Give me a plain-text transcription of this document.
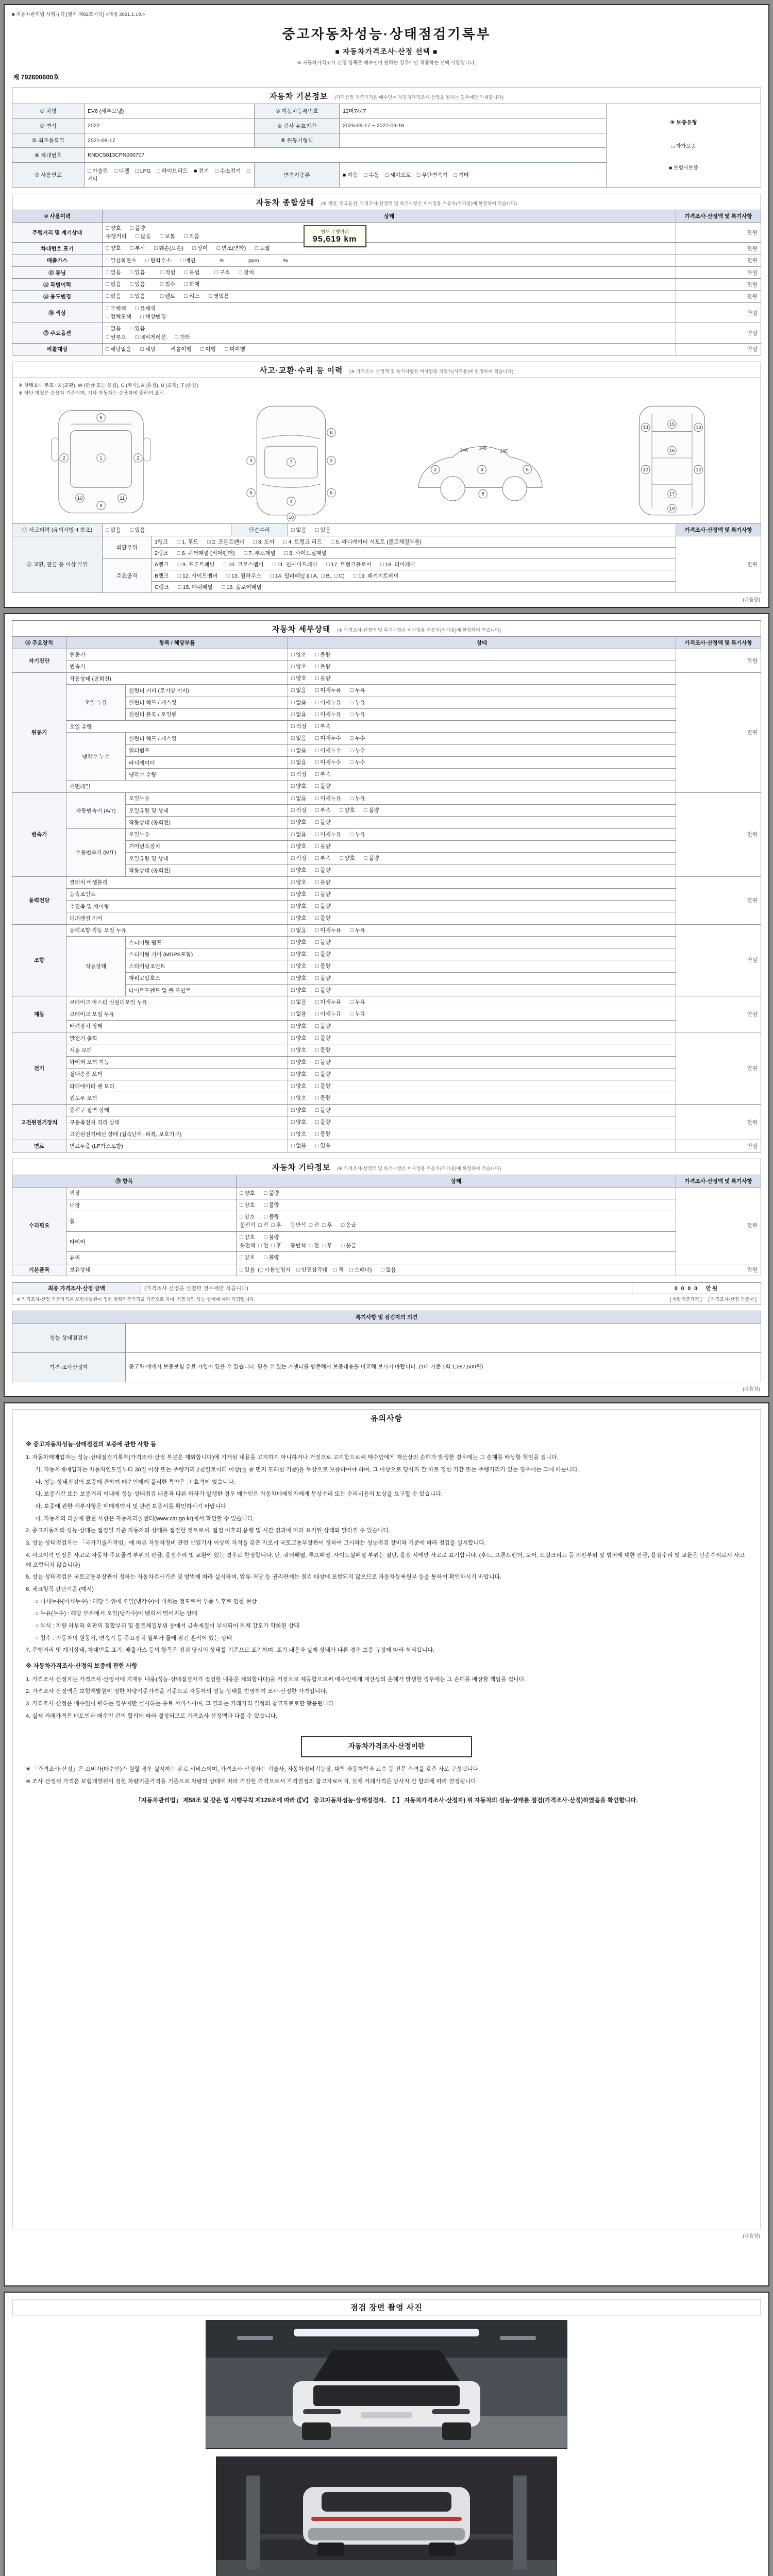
■ 자동차관리법 시행규칙 [별지 제82호서식] <개정 2021.1.19.>
중고자동차성능·상태점검기록부
■ 자동차가격조사·산정 선택 ■
※ 자동차가격조사·산정 항목은 매수인이 원하는 경우에만 적용하는 선택 사항입니다.
제 792600600호
자동차 기본정보 (가격산정 기준가격은 매수인이 자동차가격조사·산정을 원하는 경우에만 기재합니다)
① 차명	EV6 (세부모델)	② 자동차등록번호	12머7447	⑨ 보증유형

□ 자가보증

■ 보험사보증

③ 연식	2022	④ 검사 유효기간	2025-09-17 ~ 2027-09-16	
⑤ 최초등록일	2021-09-17	⑧ 원동기형식		
⑥ 차대번호	KNDC5813CPN000707			
⑦ 사용연료	□ 가솔린    □ 디젤    □ LPG    □ 하이브리드    ■ 전기    □ 수소전기    □ 기타	변속기종류	■ 자동    □ 수동    □ 세미오토    □ 무단변속기    □ 기타	
자동차 종합상태 (※ 색상, 주요옵션, 가격조사·산정액 및 특기사항은 비사업용 자동차(자가용)에 한정하여 적습니다)
⑩ 사용이력	상태	가격조사·산정액 및 특기사항
주행거리 및 계기상태	□ 양호      □ 불량
현재 주행거리
95,619 km
주행거리      □ 많음      □ 보통      □ 적음	만원
차대번호 표기	□ 양호      □ 부식      □ 훼손(오손)      □ 상이      □ 변조(변타)      □ 도말	만원
배출가스	□ 일산화탄소      □ 탄화수소      □ 매연                %                ppm                %	만원
⑪ 튜닝	□ 없음      □ 있음          □ 적법      □ 불법          □ 구조      □ 장치	만원
⑫ 특별이력	□ 없음      □ 있음          □ 침수      □ 화재	만원
⑬ 용도변경	□ 없음      □ 있음          □ 렌트      □ 리스      □ 영업용	만원
⑭ 색상	□ 무채색      □ 유채색
□ 전체도색      □ 색상변경	만원
⑮ 주요옵션	□ 없음      □ 있음
□ 썬루프      □ 네비게이션      □ 기타	만원
리콜대상	□ 해당없음      □ 해당          리콜이행      □ 이행      □ 미이행	만원
사고·교환·수리 등 이력 (※ 가격조사·산정액 및 특기사항은 비사업용 자동차(자가용)에 한정하여 적습니다)
※ 상태표시 부호 : X (교환), W (판금 또는 용접), C (부식), A (흠집), U (요철), T (손상)
※ 하단 명칭은 승용차 기준이며, 기타 자동차는 승용차에 준하여 표시
5
1
2	2
10	11
9
7
3	3
6	6
8
4
18
14A	14B
14C
3
2	6
8
15
16
12	12
13	13
17
19
⑯ 사고이력 (유의사항 4 참조)	□ 없음      □ 있음	단순수리	□ 없음      □ 있음	가격조사·산정액 및 특기사항
⑰ 교환, 판금 등 이상 부위	외판부위	1랭크      □ 1. 후드      □ 2. 프론트펜더      □ 3. 도어      □ 4. 트렁크 리드      □ 5. 라디에이터 서포트 (볼트체결부품)	만원
		2랭크      □ 6. 쿼터패널 (리어펜더)      □ 7. 루프패널      □ 8. 사이드실패널	
	주요골격	A랭크      □ 9. 프론트패널      □ 10. 크로스멤버      □ 11. 인사이드패널      □ 17. 트렁크플로어      □ 18. 리어패널	
		B랭크      □ 12. 사이드멤버      □ 13. 휠하우스      □ 14. 필러패널 (□ A,  □ B,  □ C)      □ 19. 패키지트레이	
		C랭크      □ 15. 대쉬패널      □ 16. 플로어패널	
(다음장)
자동차 세부상태 (※ 가격조사·산정액 및 특기사항은 비사업용 자동차(자가용)에 한정하여 적습니다)
⑱ 주요장치	항목 / 해당부품		상태	가격조사·산정액 및 특기사항
자기진단	원동기		□ 양호      □ 불량	만원
	변속기		□ 양호      □ 불량	

원동기	작동상태 (공회전)		□ 양호      □ 불량	만원
	오일 누유	실린더 커버 (로커암 커버)	□ 없음      □ 미세누유      □ 누유	

		실린더 헤드 / 개스킷	□ 없음      □ 미세누유      □ 누유	

		실린더 블록 / 오일팬	□ 없음      □ 미세누유      □ 누유	

	오일 유량		□ 적정      □ 부족	

	냉각수 누수	실린더 헤드 / 개스킷	□ 없음      □ 미세누수      □ 누수	

		워터펌프	□ 없음      □ 미세누수      □ 누수	

		라디에이터	□ 없음      □ 미세누수      □ 누수	

		냉각수 수량	□ 적정      □ 부족	

	커먼레일		□ 양호      □ 불량	

변속기	자동변속기 (A/T)	오일누유	□ 없음      □ 미세누유      □ 누유	만원
		오일유량 및 상태	□ 적정      □ 부족      □ 양호      □ 불량	

		작동상태 (공회전)	□ 양호      □ 불량	

	수동변속기 (M/T)	오일누유	□ 없음      □ 미세누유      □ 누유	

		기어변속장치	□ 양호      □ 불량	

		오일유량 및 상태	□ 적정      □ 부족      □ 양호      □ 불량	

		작동상태 (공회전)	□ 양호      □ 불량	

동력전달	클러치 어셈블리		□ 양호      □ 불량	만원
	등속조인트		□ 양호      □ 불량	

	추진축 및 베어링		□ 양호      □ 불량	

	디퍼렌셜 기어		□ 양호      □ 불량	

조향	동력조향 작동 오일 누유		□ 없음      □ 미세누유      □ 누유	만원
	작동상태	스티어링 펌프	□ 양호      □ 불량	

		스티어링 기어 (MDPS포함)	□ 양호      □ 불량	

		스티어링조인트	□ 양호      □ 불량	

		파워고압호스	□ 양호      □ 불량	

		타이로드엔드 및 볼 조인트	□ 양호      □ 불량	

제동	브레이크 마스터 실린더오일 누유		□ 없음      □ 미세누유      □ 누유	만원
	브레이크 오일 누유		□ 없음      □ 미세누유      □ 누유	

	배력장치 상태		□ 양호      □ 불량	

전기	발전기 출력		□ 양호      □ 불량	만원
	시동 모터		□ 양호      □ 불량	

	와이퍼 모터 기능		□ 양호      □ 불량	

	실내송풍 모터		□ 양호      □ 불량	

	라디에이터 팬 모터		□ 양호      □ 불량	

	윈도우 모터		□ 양호      □ 불량	

고전원전기장치	충전구 절연 상태		□ 양호      □ 불량	만원
	구동축전지 격리 상태		□ 양호      □ 불량	

	고전원전기배선 상태 (접속단자, 피복, 보호기구)		□ 양호      □ 불량	

연료	연료누출 (LP가스포함)		□ 없음      □ 있음	만원
자동차 기타정보 (※ 가격조사·산정액 및 특기사항은 비사업용 자동차(자가용)에 한정하여 적습니다)
⑲ 항목		상태	가격조사·산정액 및 특기사항
수리필요	외장	□ 양호      □ 불량	만원
	내장	□ 양호      □ 불량	

	휠	□ 양호      □ 불량
운전석  □ 전  □ 후      동반석  □ 전  □ 후      □ 응급	

	타이어	□ 양호      □ 불량
운전석  □ 전  □ 후      동반석  □ 전  □ 후      □ 응급	

	유리	□ 양호      □ 불량	

기본품목	보유상태	□ 있음  (□ 사용설명서    □ 안전삼각대    □ 잭    □ 스패너)      □ 없음	만원
최종 가격조사·산정 금액	(가격조사·산정을 신청한 경우에만 적습니다)	0 0 0 0 만원
※ 가격조사·산정 기준가격은 보험개발원이 정한 차량기준가격을 기준으로 하며, 자동차의 성능·상태에 따라 가감됩니다.	[ 차량기준가격 ] [ 가격조사·산정 기준서 ]
특기사항 및 점검자의 의견	
성능·상태점검자	
가격·조사산정자	중고차 매매시 보증보험 유료 가입이 있을 수 있습니다. 믿을 수 있는 카센터를 방문해서 보증내용을 비교해 보시기 바랍니다. (1대 기준 1회 1,287,500원)
(다음장)
유의사항
※ 중고자동차성능·상태점검의 보증에 관한 사항 등
1. 자동차매매업자는 성능·상태점검기록부(가격조사·산정 부분은 제외합니다)에 기재된 내용을 고지하지 아니하거나 거짓으로 고지함으로써 매수인에게 재산상의 손해가 발생한 경우에는 그 손해를 배상할 책임을 집니다.
가. 자동차매매업자는 자동차인도일부터 30일 이상 또는 주행거리 2천킬로미터 이상(둘 중 먼저 도래한 기준)을 무상으로 보증하여야 하며, 그 이상으로 당사자 간 따로 정한 기간 또는 주행거리가 있는 경우에는 그에 따릅니다.
나. 성능·상태점검의 보증에 관하여 매수인에게 불리한 특약은 그 효력이 없습니다.
다. 보증기간 또는 보증거리 이내에 성능·상태점검 내용과 다른 하자가 발생한 경우 매수인은 자동차매매업자에게 무상수리 또는 수리비용의 보상을 요구할 수 있습니다.
라. 보증에 관한 세부사항은 매매계약서 및 관련 보증서를 확인하시기 바랍니다.
마. 자동차의 리콜에 관한 사항은 자동차리콜센터(www.car.go.kr)에서 확인할 수 있습니다.
2. 중고자동차의 성능·상태는 점검일 기준 자동차의 상태를 점검한 것으로서, 점검 이후의 운행 및 시간 경과에 따라 표기된 상태와 달라질 수 있습니다.
3. 성능·상태점검자는 「국가기술자격법」에 따른 자동차정비 관련 산업기사 이상의 자격을 갖춘 자로서 국토교통부장관이 정하여 고시하는 성능점검 장비와 기준에 따라 점검을 실시합니다.
4. 사고이력 인정은 사고로 자동차 주요골격 부위의 판금, 용접수리 및 교환이 있는 경우로 한정합니다. 단, 쿼터패널, 루프패널, 사이드실패널 부위는 절단, 용접 시에만 사고로 표기합니다. (후드, 프론트펜더, 도어, 트렁크리드 등 외판부위 및 범퍼에 대한 판금, 용접수리 및 교환은 단순수리로서 사고에 포함되지 않습니다)
5. 성능·상태점검은 국토교통부장관이 정하는 자동차검사기준 및 방법에 따라 실시하며, 압류·저당 등 권리관계는 점검 대상에 포함되지 않으므로 자동차등록원부 등을 통하여 확인하시기 바랍니다.
6. 체크항목 판단기준 (예시)
○ 미세누유(미세누수) : 해당 부위에 오일(냉각수)이 비치는 정도로서 부품 노후로 인한 현상
○ 누유(누수) : 해당 부위에서 오일(냉각수)이 맺혀서 떨어지는 상태
○ 부식 : 차량 하부와 외판의 접합부위 및 볼트체결부위 등에서 금속재질이 부식되어 차체 강도가 약화된 상태
○ 침수 : 자동차의 원동기, 변속기 등 주요장치 일부가 물에 잠긴 흔적이 있는 상태
7. 주행거리 및 계기상태, 차대번호 표기, 배출가스 등의 항목은 점검 당시의 상태를 기준으로 표기하며, 표기 내용과 실제 상태가 다른 경우 보증 규정에 따라 처리됩니다.
※ 자동차가격조사·산정의 보증에 관한 사항
1. 가격조사·산정자는 가격조사·산정서에 기재된 내용(성능·상태점검자가 점검한 내용은 제외합니다)을 거짓으로 제공함으로써 매수인에게 재산상의 손해가 발생한 경우에는 그 손해를 배상할 책임을 집니다.
2. 가격조사·산정액은 보험개발원이 정한 차량기준가격을 기준으로 자동차의 성능·상태를 반영하여 조사·산정한 가격입니다.
3. 가격조사·산정은 매수인이 원하는 경우에만 실시하는 유료 서비스이며, 그 결과는 거래가격 결정의 참고자료로만 활용됩니다.
4. 실제 거래가격은 매도인과 매수인 간의 합의에 따라 결정되므로 가격조사·산정액과 다를 수 있습니다.
자동차가격조사·산정이란
※ 「가격조사·산정」은 소비자(매수인)가 원할 경우 실시하는 유료 서비스이며, 가격조사·산정자는 기술사, 자동차정비기능장, 대학 자동차학과 교수 등 전문 자격을 갖춘 자로 구성됩니다.
※ 조사·산정된 가격은 보험개발원이 정한 차량기준가격을 기준으로 차량의 상태에 따라 가감한 가격으로서 가격결정의 참고자료이며, 실제 거래가격은 당사자 간 합의에 따라 결정됩니다.
「자동차관리법」 제58조 및 같은 법 시행규칙 제120조에 따라 (【V】 중고자동차성능·상태점검자,  【 】 자동차가격조사·산정자) 위 자동차의 성능·상태를 점검(가격조사·산정)하였음을 확인합니다.
(다음장)
점검 장면 촬영 사진
